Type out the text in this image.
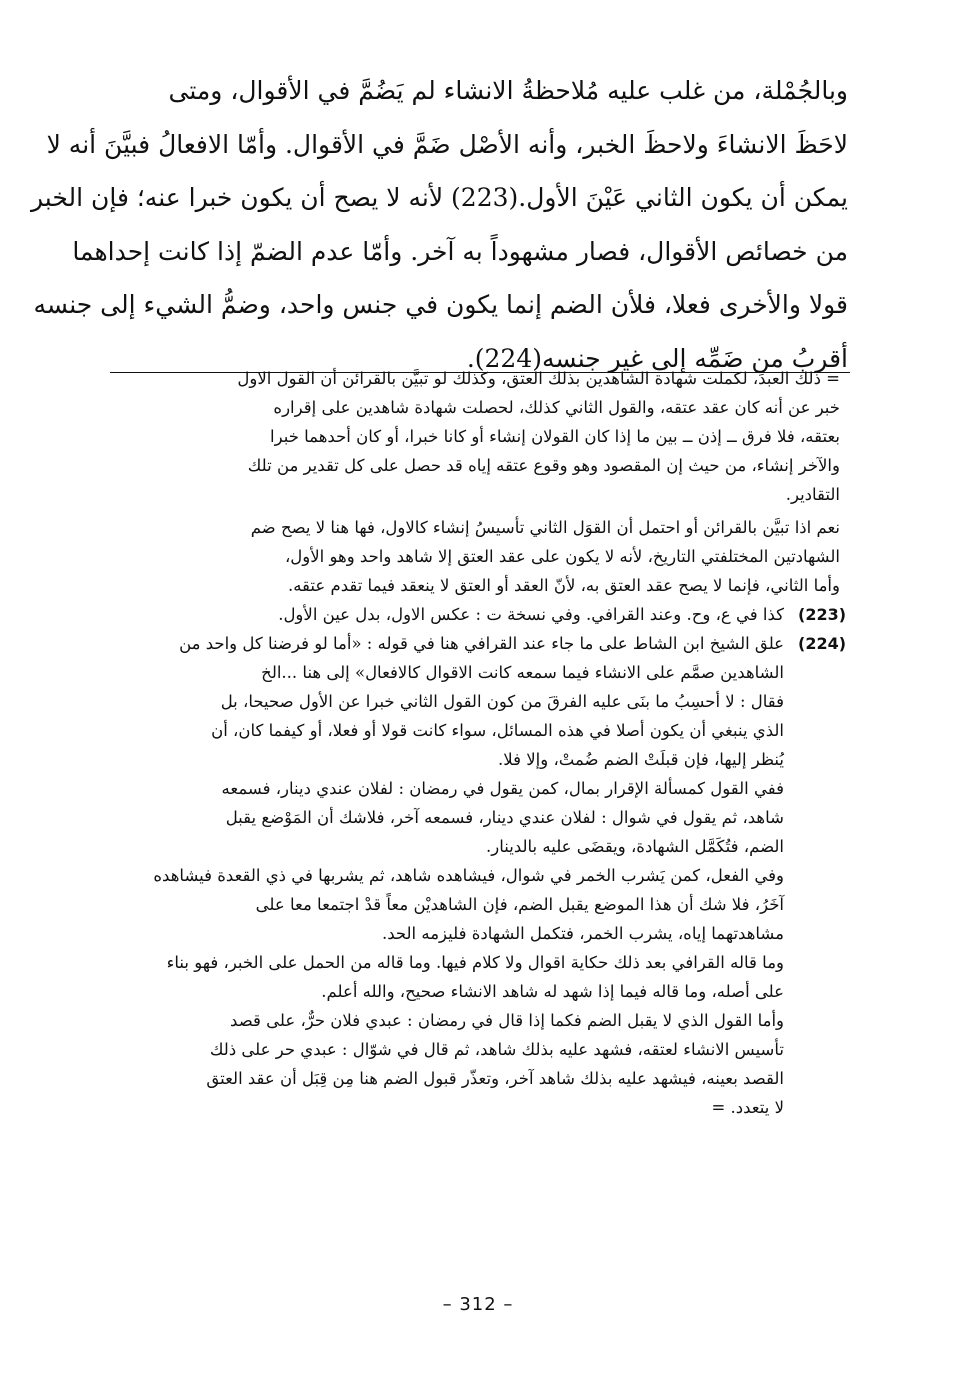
وبالجُمْلة، من غلب عليه مُلاحظةُ الانشاء لم يَضُمَّ في الأقوال، ومتى

لاحَظَ الانشاءَ ولاحظَ الخبر، وأنه الأصْل ضَمَّ في الأقوال. وأمّا الافعالُ فبيَّنَ أنه لا

يمكن أن يكون الثاني عَيْنَ الأول.(223) لأنه لا يصح أن يكون خبرا عنه؛ فإن الخبر

من خصائص الأقوال، فصار مشهوداً به آخر. وأمّا عدم الضمّ إذا كانت إحداهما

قولا والأخرى فعلا، فلأن الضم إنما يكون في جنس واحد، وضمُّ الشيء إلى جنسه

أقربُ من ضَمِّه إلى غير جنسه(224).

= ذلك العبدَ، لكملت شهادة الشاهدين بذلك العتق، وكذلك لو تبيَّن بالقرائن أن القول الاول
خبر عن أنه كان عقد عتقه، والقول الثاني كذلك، لحصلت شهادة شاهدين على إقراره
بعتقه، فلا فرق ــ إذن ــ بين ما إذا كان القولان إنشاء أو كانا خبرا، أو كان أحدهما خبرا
والآخر إنشاء، من حيث إن المقصود وهو وقوع عتقه إياه قد حصل على كل تقدير من تلك
التقادير.
نعم اذا تبيَّن بالقرائن أو احتمل أن القوَل الثاني تأسيسُ إنشاء كالاول، فها هنا لا يصح ضم
الشهادتين المختلفتي التاريخ، لأنه لا يكون على عقد العتق إلا شاهد واحد وهو الأول،
وأما الثاني، فإنما لا يصح عقد العتق به، لأنّ العقد أو العتق لا ينعقد فيما تقدم عتقه.
(223)
كذا في ع، وح. وعند القرافي. وفي نسخة ت : عكس الاول، بدل عين الأول.
(224)
علق الشيخ ابن الشاط على ما جاء عند القرافي هنا في قوله : «أما لو فرضنا كل واحد من
الشاهدين صمَّم على الانشاء فيما سمعه كانت الاقوال كالافعال» إلى هنا ...الخ
فقال : لا أحسِبُ ما بنَى عليه الفرقَ من كون القول الثاني خبرا عن الأول صحيحا، بل
الذي ينبغي أن يكون أصلا في هذه المسائل، سواء كانت قولا أو فعلا، أو كيفما كان، أن
يُنظر إليها، فإن قبلَتْ الضم ضُمتْ، وإلا فلا.
ففي القول كمسألة الإقرار بمال، كمن يقول في رمضان : لفلان عندي دينار، فسمعه
شاهد، ثم يقول في شوال : لفلان عندي دينار، فسمعه آخر، فلاشك أن المَوْضع يقبل
الضم، فتُكَمَّل الشهادة، ويقضَى عليه بالدينار.
وفي الفعل، كمن يَشرب الخمر في شوال، فيشاهده شاهد، ثم يشربها في ذي القعدة فيشاهده
آخَرُ، فلا شك أن هذا الموضع يقبل الضم، فإن الشاهديْن معاً قدْ اجتمعا معا على
مشاهدتهما إياه، يشرب الخمر، فتكمل الشهادة فليزمه الحد.
وما قاله القرافي بعد ذلك حكاية اقوال ولا كلام فيها. وما قاله من الحمل على الخبر، فهو بناء
على أصله، وما قاله فيما إذا شهد له شاهد الانشاء صحيح، والله أعلم.
وأما القول الذي لا يقبل الضم فكما إذا قال في رمضان : عبدي فلان حرٌّ، على قصد
تأسيس الانشاء لعتقه، فشهد عليه بذلك شاهد، ثم قال في شوّال : عبدي حر على ذلك
القصد بعينه، فيشهد عليه بذلك شاهد آخر، وتعذّر قبول الضم هنا مِن قِبَل أن عقد العتق
لا يتعدد. =
– 312 –
